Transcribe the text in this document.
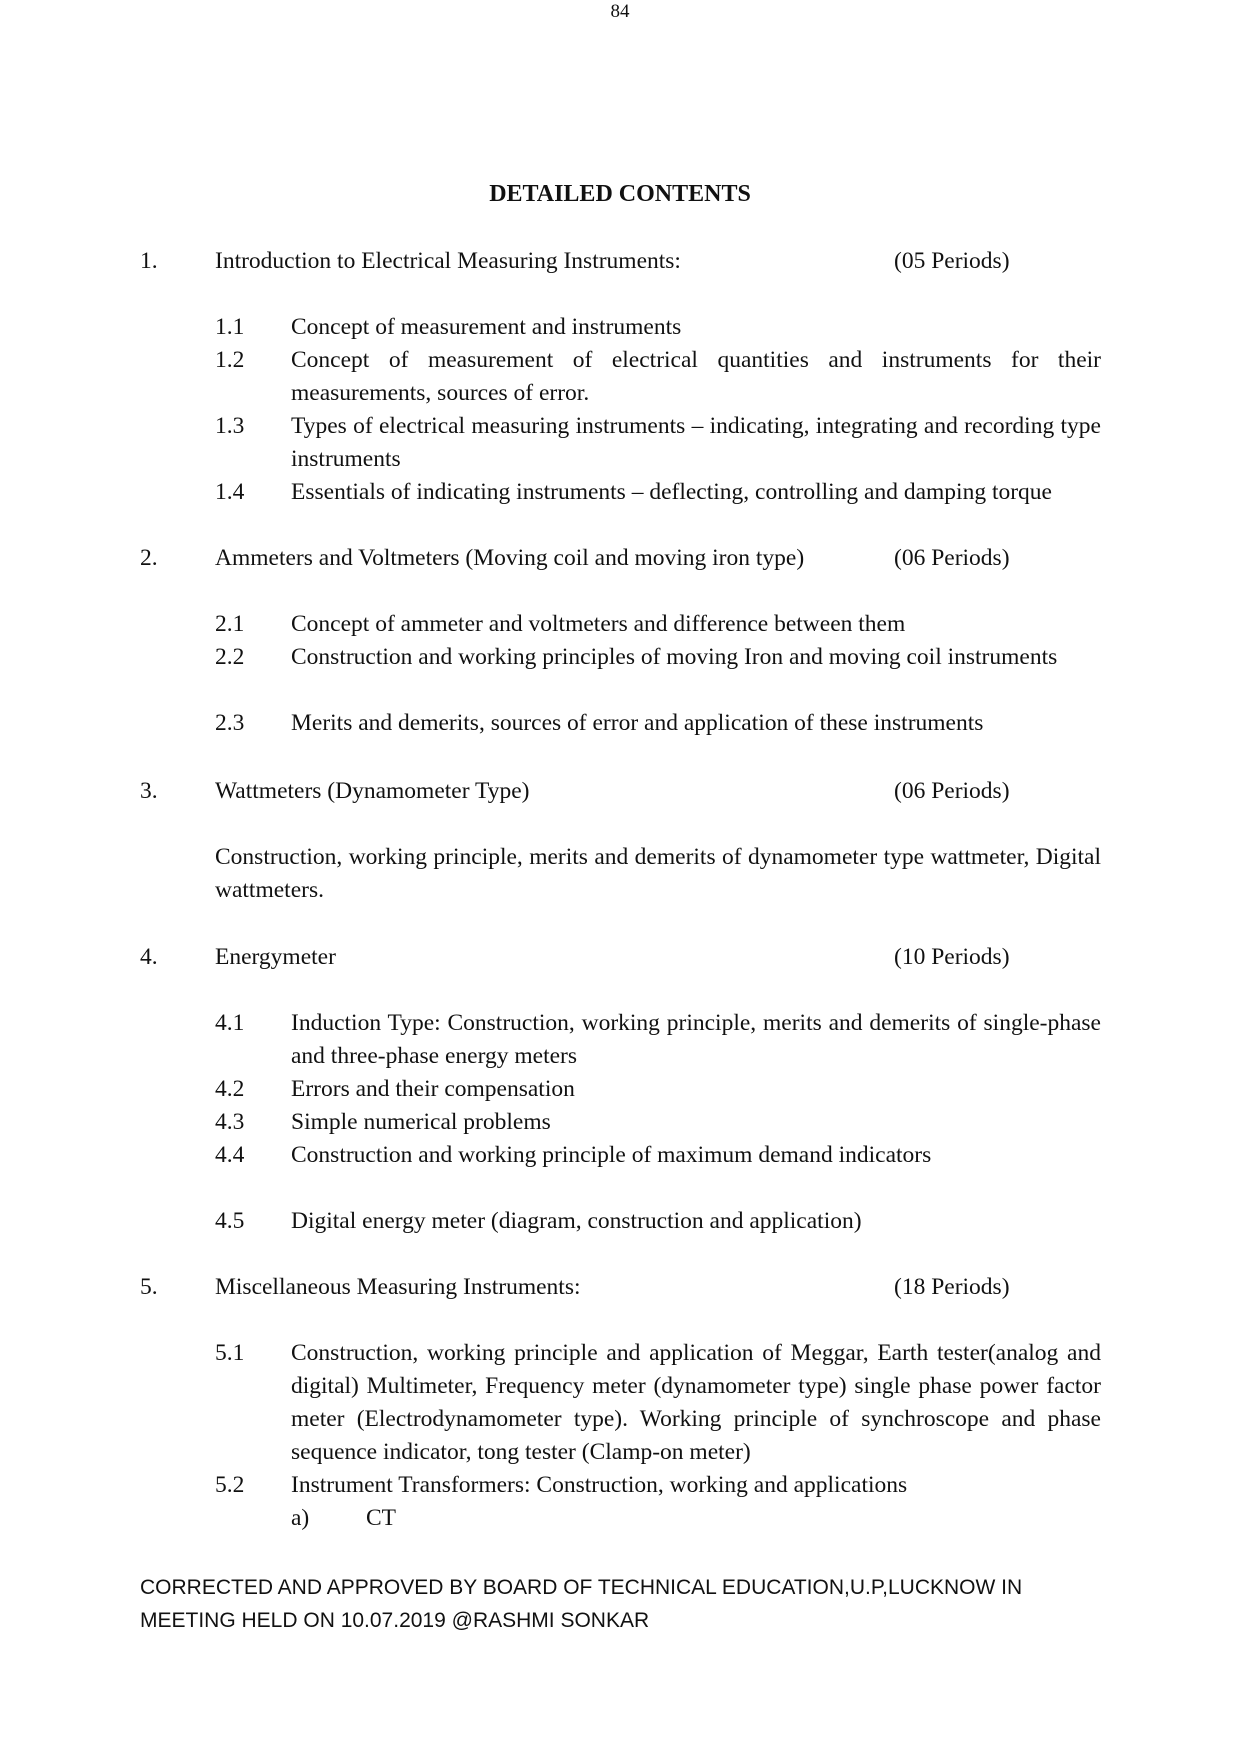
84
DETAILED CONTENTS
1. Introduction to Electrical Measuring Instruments:	(05 Periods)
1.1 Concept of measurement and instruments
1.2 Concept of measurement of electrical quantities and instruments for their measurements, sources of error.
1.3 Types of electrical measuring instruments – indicating, integrating and recording type instruments
1.4 Essentials of indicating instruments – deflecting, controlling and damping torque
2. Ammeters and Voltmeters (Moving coil and moving iron type)	(06 Periods)
2.1 Concept of ammeter and voltmeters and difference between them
2.2 Construction and working principles of moving Iron and moving coil instruments
2.3 Merits and demerits, sources of error and application of these instruments
3. Wattmeters (Dynamometer Type)	(06 Periods)
Construction, working principle, merits and demerits of dynamometer type wattmeter, Digital wattmeters.
4. Energymeter	(10 Periods)
4.1 Induction Type: Construction, working principle, merits and demerits of single-phase and three-phase energy meters
4.2 Errors and their compensation
4.3 Simple numerical problems
4.4 Construction and working principle of maximum demand indicators
4.5 Digital energy meter (diagram, construction and application)
5. Miscellaneous Measuring Instruments:	(18 Periods)
5.1 Construction, working principle and application of Meggar, Earth tester(analog and digital) Multimeter, Frequency meter (dynamometer type) single phase power factor meter (Electrodynamometer type). Working principle of synchroscope and phase sequence indicator, tong tester (Clamp-on meter)
5.2 Instrument Transformers: Construction, working and applications
a) CT
CORRECTED AND APPROVED BY BOARD OF TECHNICAL EDUCATION,U.P,LUCKNOW IN
MEETING HELD ON 10.07.2019 @RASHMI SONKAR
